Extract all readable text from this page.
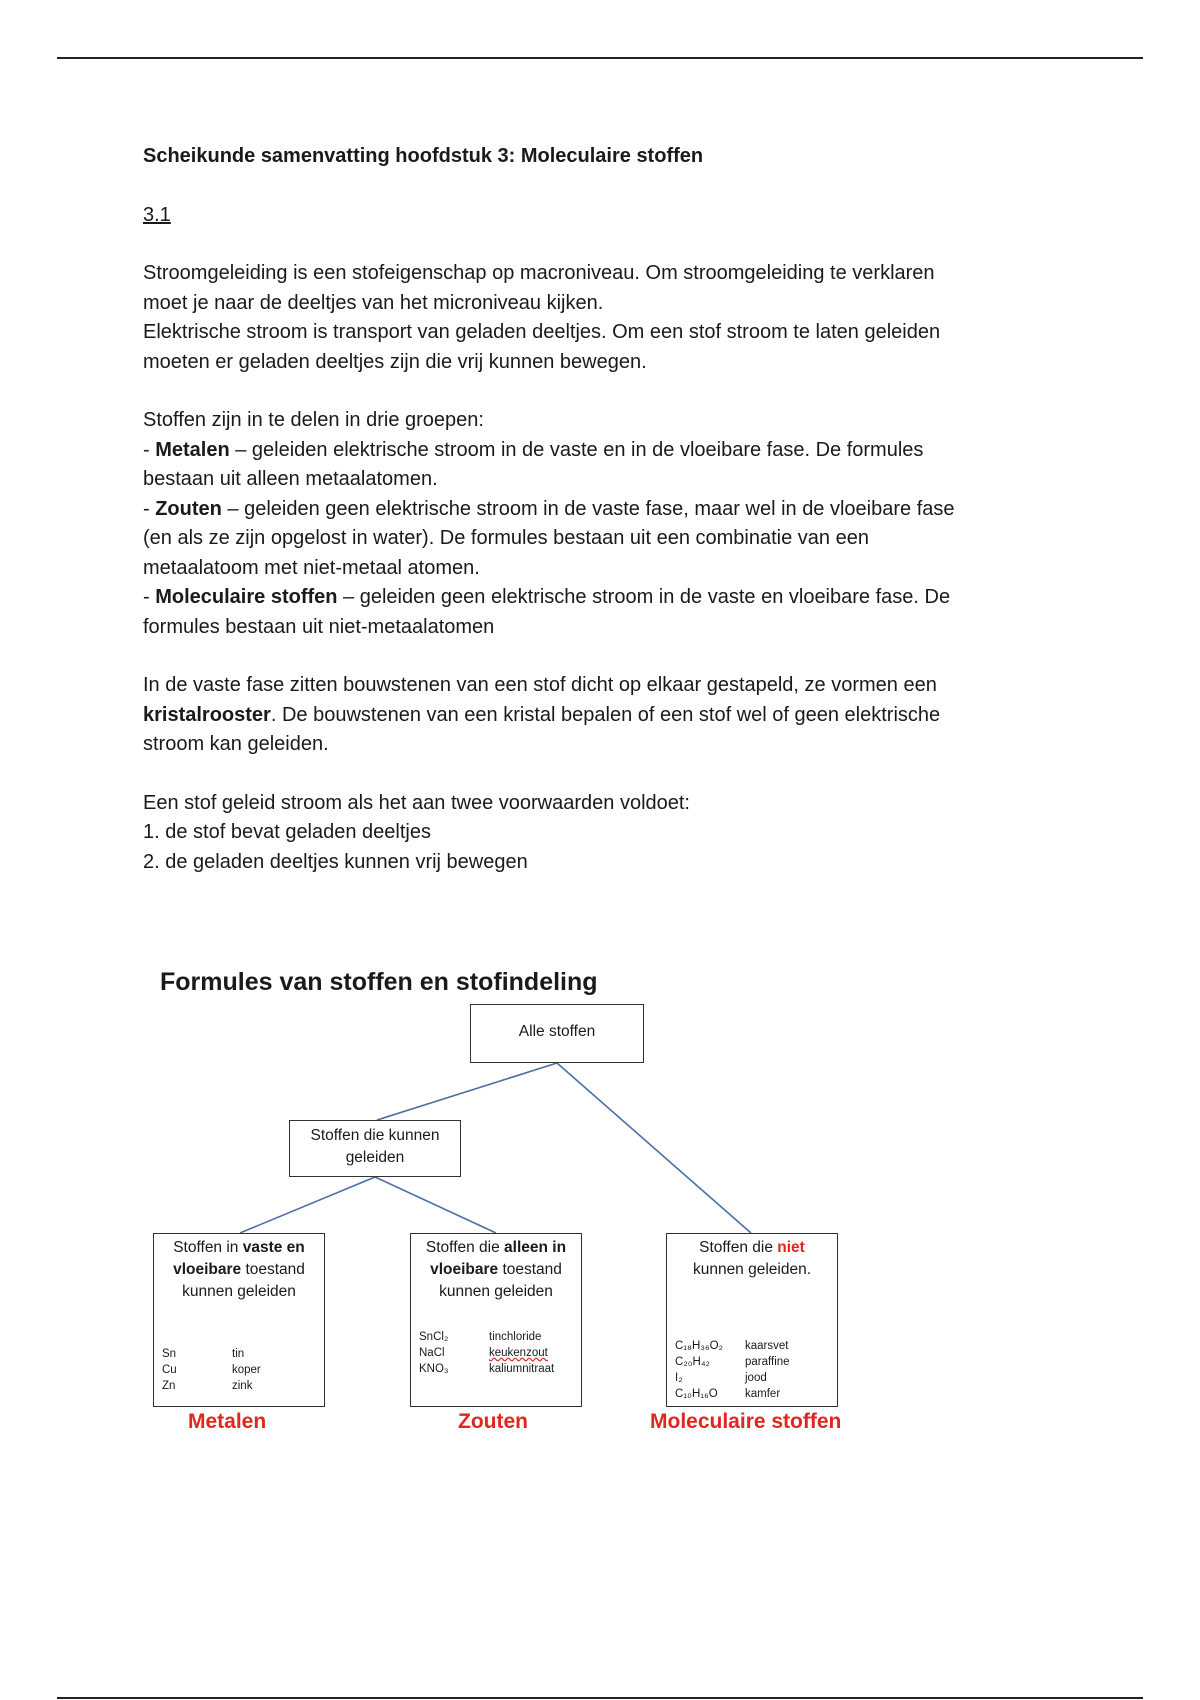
Scheikunde samenvatting hoofdstuk 3: Moleculaire stoffen

3.1

Stroomgeleiding is een stofeigenschap op macroniveau. Om stroomgeleiding te verklaren

moet je naar de deeltjes van het microniveau kijken.

Elektrische stroom is transport van geladen deeltjes. Om een stof stroom te laten geleiden

moeten er geladen deeltjes zijn die vrij kunnen bewegen.

Stoffen zijn in te delen in drie groepen:

- Metalen – geleiden elektrische stroom in de vaste en in de vloeibare fase. De formules

bestaan uit alleen metaalatomen.

- Zouten – geleiden geen elektrische stroom in de vaste fase, maar wel in de vloeibare fase

(en als ze zijn opgelost in water). De formules bestaan uit een combinatie van een

metaalatoom met niet-metaal atomen.

- Moleculaire stoffen – geleiden geen elektrische stroom in de vaste en vloeibare fase. De

formules bestaan uit niet-metaalatomen

In de vaste fase zitten bouwstenen van een stof dicht op elkaar gestapeld, ze vormen een

kristalrooster. De bouwstenen van een kristal bepalen of een stof wel of geen elektrische

stroom kan geleiden.

Een stof geleid stroom als het aan twee voorwaarden voldoet:

1. de stof bevat geladen deeltjes

2. de geladen deeltjes kunnen vrij bewegen

Formules van stoffen en stofindeling
Alle stoffen
Stoffen die kunnen
geleiden
Stoffen in vaste en
vloeibare toestand
kunnen geleiden
Sn	tin
Cu	koper
Zn	zink
Stoffen die alleen in
vloeibare toestand
kunnen geleiden
SnCl₂	tinchloride
NaCl	keukenzout
KNO₃	kaliumnitraat
Stoffen die niet
kunnen geleiden.
C₁₈H₃₆O₂	kaarsvet
C₂₀H₄₂	paraffine
I₂	jood
C₁₀H₁₆O	kamfer
Metalen	Zouten	Moleculaire stoffen
